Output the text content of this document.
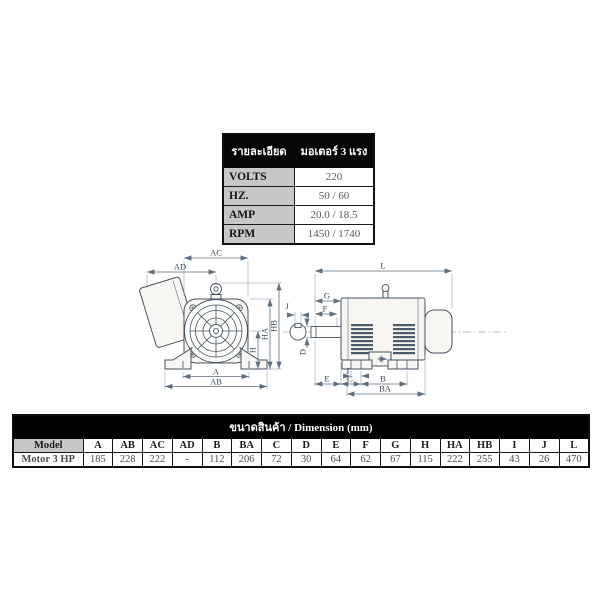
รายละเอียด	มอเตอร์ 3 แรง
VOLTS	220
HZ.	50 / 60
AMP	20.0 / 18.5
RPM	1450 / 1740
AC
AD
A
AB
H
HA
HB
J
L
G
F
D
E C	B
BA
I
ขนาดสินค้า / Dimension (mm)																	
Model	A	AB	AC	AD	B	BA	C	D	E	F	G	H	HA	HB	I	J	L
Motor 3 HP	185	228	222	-	112	206	72	30	64	62	67	115	222	255	43	26	470
